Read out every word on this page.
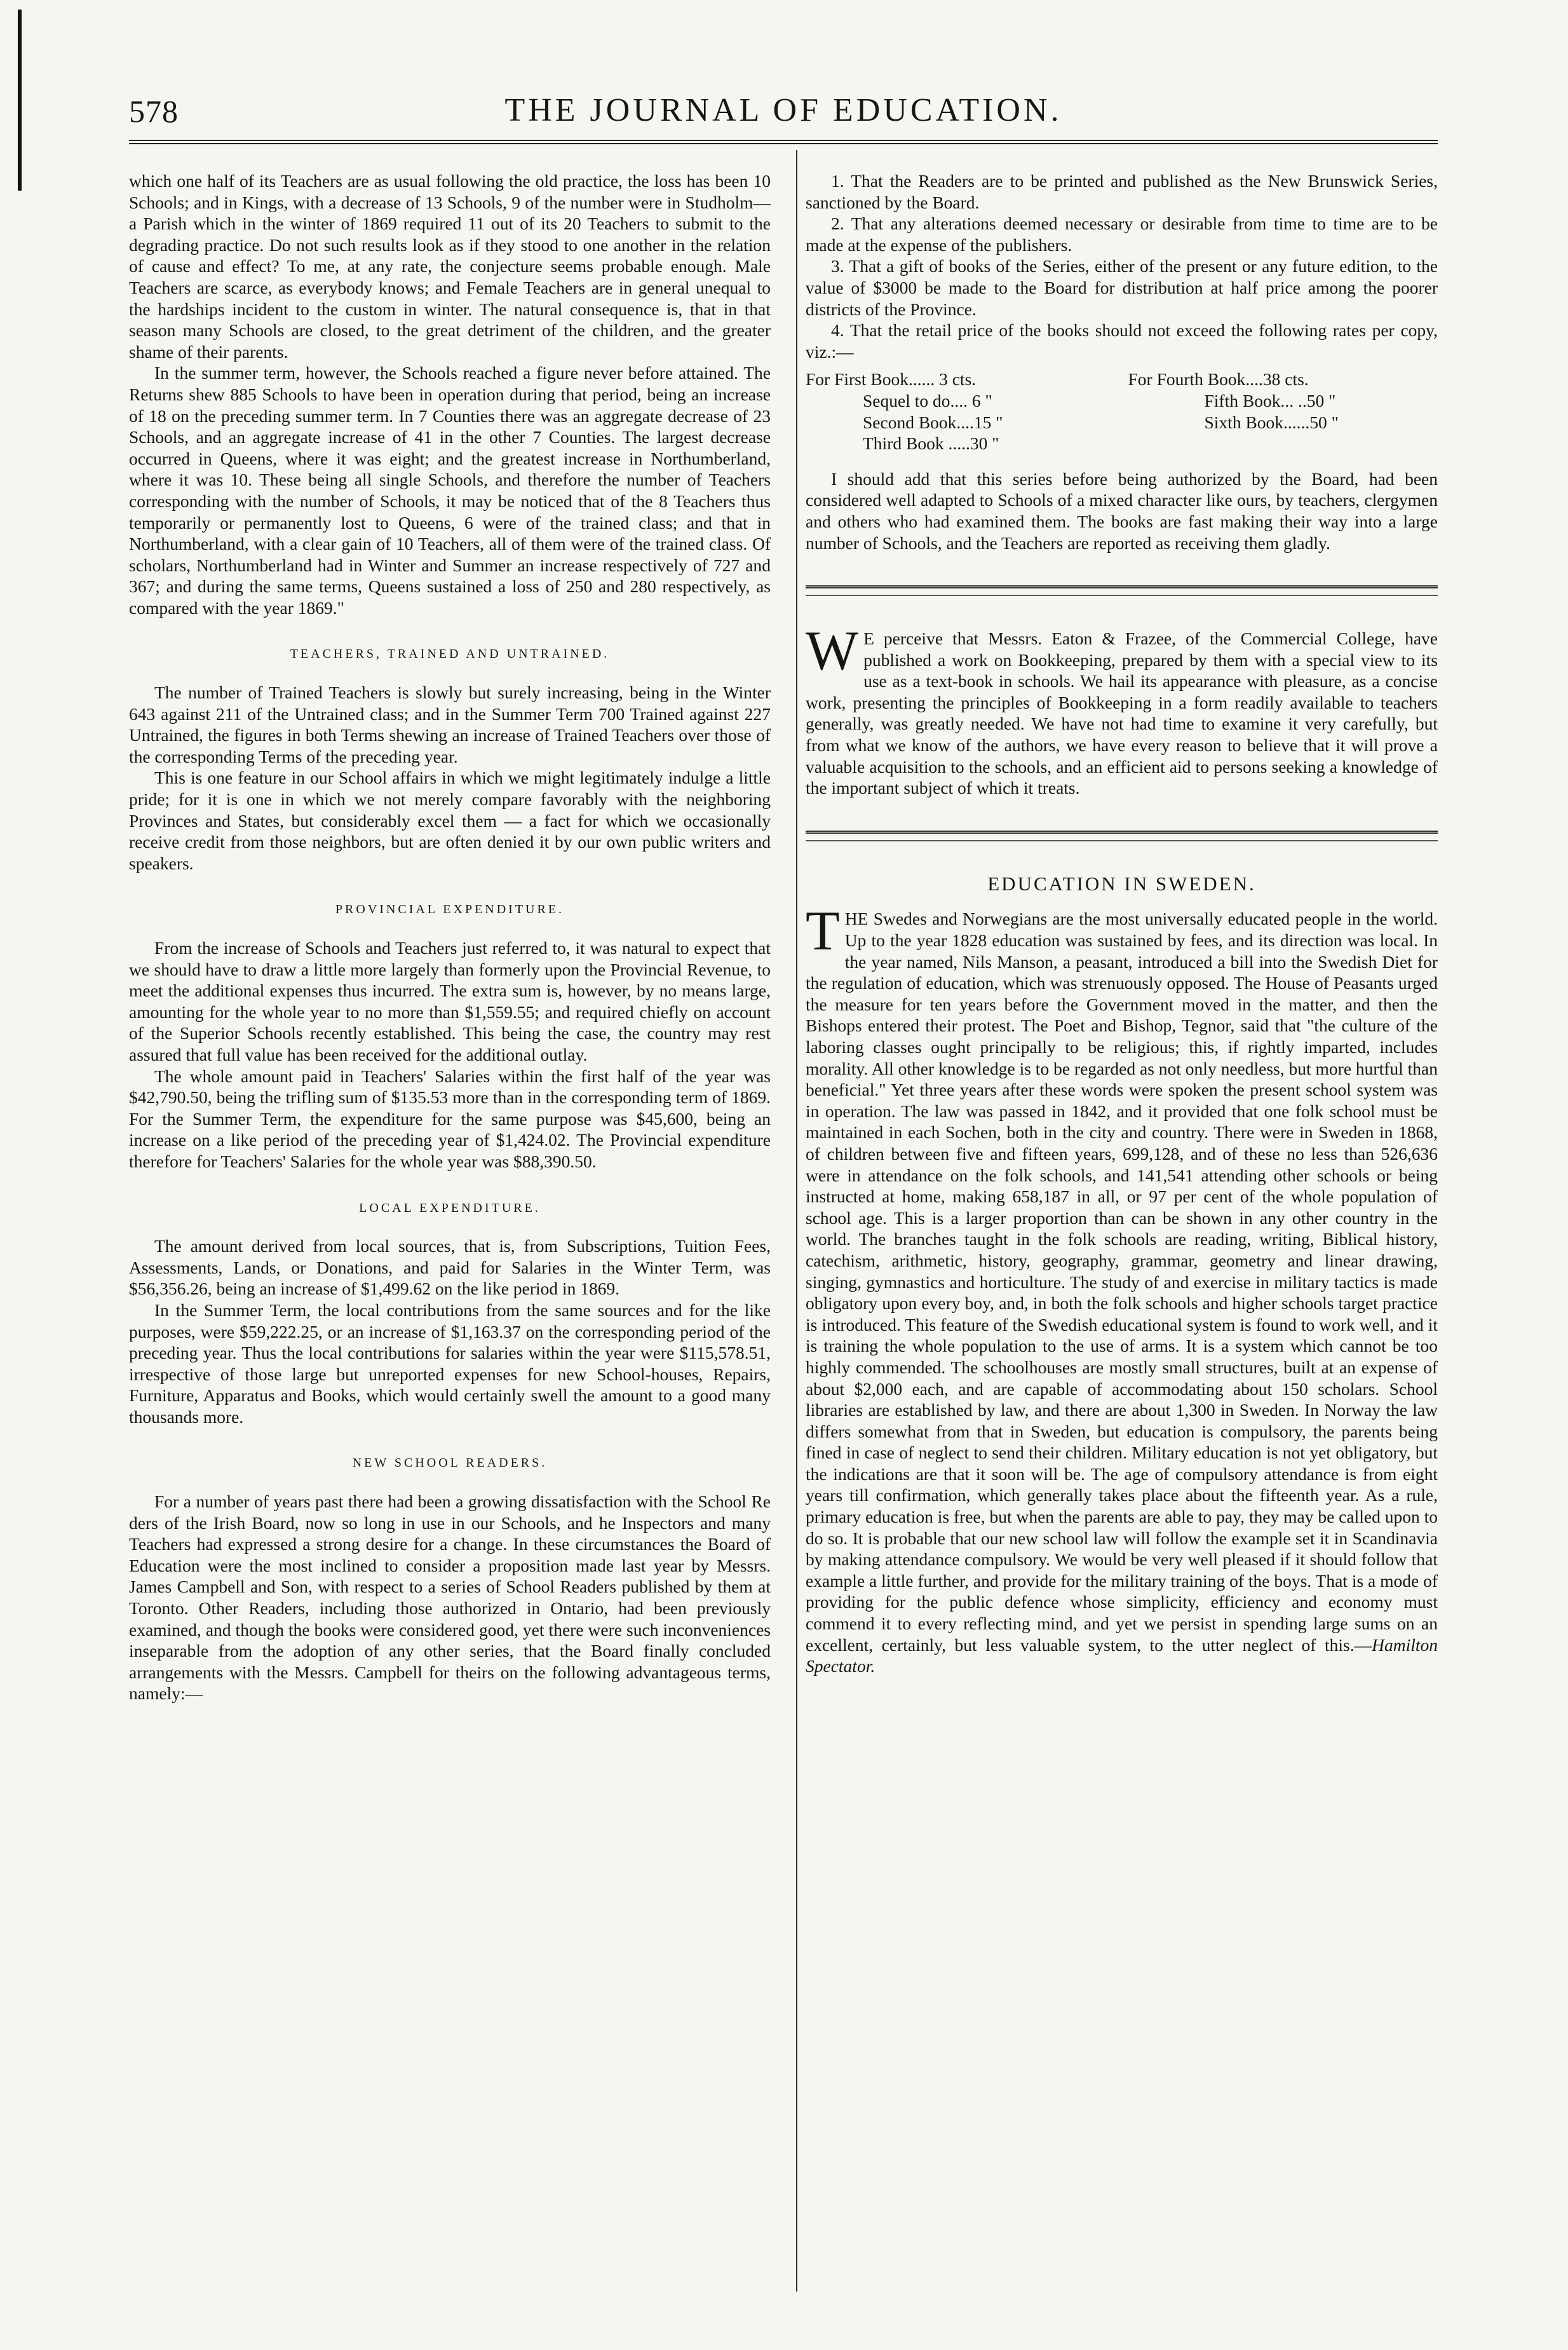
578	THE JOURNAL OF EDUCATION.

which one half of its Teachers are as usual following the old practice, the loss has been 10 Schools; and in Kings, with a decrease of 13 Schools, 9 of the number were in Studholm—a Parish which in the winter of 1869 required 11 out of its 20 Teachers to submit to the degrading practice. Do not such results look as if they stood to one another in the relation of cause and effect? To me, at any rate, the conjecture seems probable enough. Male Teachers are scarce, as everybody knows; and Female Teachers are in general unequal to the hardships incident to the custom in winter. The natural consequence is, that in that season many Schools are closed, to the great detriment of the children, and the greater shame of their parents.

In the summer term, however, the Schools reached a figure never before attained. The Returns shew 885 Schools to have been in operation during that period, being an increase of 18 on the preceding summer term. In 7 Counties there was an aggregate decrease of 23 Schools, and an aggregate increase of 41 in the other 7 Counties. The largest decrease occurred in Queens, where it was eight; and the greatest increase in Northumberland, where it was 10. These being all single Schools, and therefore the number of Teachers corresponding with the number of Schools, it may be noticed that of the 8 Teachers thus temporarily or permanently lost to Queens, 6 were of the trained class; and that in Northumberland, with a clear gain of 10 Teachers, all of them were of the trained class. Of scholars, Northumberland had in Winter and Summer an increase respectively of 727 and 367; and during the same terms, Queens sustained a loss of 250 and 280 respectively, as compared with the year 1869."

TEACHERS, TRAINED AND UNTRAINED.

The number of Trained Teachers is slowly but surely increasing, being in the Winter 643 against 211 of the Untrained class; and in the Summer Term 700 Trained against 227 Untrained, the figures in both Terms shewing an increase of Trained Teachers over those of the corresponding Terms of the preceding year.

This is one feature in our School affairs in which we might legitimately indulge a little pride; for it is one in which we not merely compare favorably with the neighboring Provinces and States, but considerably excel them — a fact for which we occasionally receive credit from those neighbors, but are often denied it by our own public writers and speakers.

PROVINCIAL EXPENDITURE.

From the increase of Schools and Teachers just referred to, it was natural to expect that we should have to draw a little more largely than formerly upon the Provincial Revenue, to meet the additional expenses thus incurred. The extra sum is, however, by no means large, amounting for the whole year to no more than $1,559.55; and required chiefly on account of the Superior Schools recently established. This being the case, the country may rest assured that full value has been received for the additional outlay.

The whole amount paid in Teachers' Salaries within the first half of the year was $42,790.50, being the trifling sum of $135.53 more than in the corresponding term of 1869. For the Summer Term, the expenditure for the same purpose was $45,600, being an increase on a like period of the preceding year of $1,424.02. The Provincial expenditure therefore for Teachers' Salaries for the whole year was $88,390.50.

LOCAL EXPENDITURE.

The amount derived from local sources, that is, from Subscriptions, Tuition Fees, Assessments, Lands, or Donations, and paid for Salaries in the Winter Term, was $56,356.26, being an increase of $1,499.62 on the like period in 1869.

In the Summer Term, the local contributions from the same sources and for the like purposes, were $59,222.25, or an increase of $1,163.37 on the corresponding period of the preceding year. Thus the local contributions for salaries within the year were $115,578.51, irrespective of those large but unreported expenses for new School-houses, Repairs, Furniture, Apparatus and Books, which would certainly swell the amount to a good many thousands more.

NEW SCHOOL READERS.

For a number of years past there had been a growing dissatisfaction with the School Re ders of the Irish Board, now so long in use in our Schools, and he Inspectors and many Teachers had expressed a strong desire for a change. In these circumstances the Board of Education were the most inclined to consider a proposition made last year by Messrs. James Campbell and Son, with respect to a series of School Readers published by them at Toronto. Other Readers, including those authorized in Ontario, had been previously examined, and though the books were considered good, yet there were such inconveniences inseparable from the adoption of any other series, that the Board finally concluded arrangements with the Messrs. Campbell for theirs on the following advantageous terms, namely:—

1. That the Readers are to be printed and published as the New Brunswick Series, sanctioned by the Board.

2. That any alterations deemed necessary or desirable from time to time are to be made at the expense of the publishers.

3. That a gift of books of the Series, either of the present or any future edition, to the value of $3000 be made to the Board for distribution at half price among the poorer districts of the Province.

4. That the retail price of the books should not exceed the following rates per copy, viz.:—

For First Book...... 3 cts.	For Fourth Book....38 cts.
Sequel to do.... 6 "	Fifth Book... ..50 "
Second Book....15 "	Sixth Book......50 "
Third Book .....30 "

I should add that this series before being authorized by the Board, had been considered well adapted to Schools of a mixed character like ours, by teachers, clergymen and others who had examined them. The books are fast making their way into a large number of Schools, and the Teachers are reported as receiving them gladly.

W E perceive that Messrs. Eaton & Frazee, of the Commercial College, have published a work on Bookkeeping, prepared by them with a special view to its use as a text-book in schools. We hail its appearance with pleasure, as a concise work, presenting the principles of Bookkeeping in a form readily available to teachers generally, was greatly needed. We have not had time to examine it very carefully, but from what we know of the authors, we have every reason to believe that it will prove a valuable acquisition to the schools, and an efficient aid to persons seeking a knowledge of the important subject of which it treats.

EDUCATION IN SWEDEN.

THE Swedes and Norwegians are the most universally educated people in the world. Up to the year 1828 education was sustained by fees, and its direction was local. In the year named, Nils Manson, a peasant, introduced a bill into the Swedish Diet for the regulation of education, which was strenuously opposed. The House of Peasants urged the measure for ten years before the Government moved in the matter, and then the Bishops entered their protest. The Poet and Bishop, Tegnor, said that "the culture of the laboring classes ought principally to be religious; this, if rightly imparted, includes morality. All other knowledge is to be regarded as not only needless, but more hurtful than beneficial." Yet three years after these words were spoken the present school system was in operation. The law was passed in 1842, and it provided that one folk school must be maintained in each Sochen, both in the city and country. There were in Sweden in 1868, of children between five and fifteen years, 699,128, and of these no less than 526,636 were in attendance on the folk schools, and 141,541 attending other schools or being instructed at home, making 658,187 in all, or 97 per cent of the whole population of school age. This is a larger proportion than can be shown in any other country in the world. The branches taught in the folk schools are reading, writing, Biblical history, catechism, arithmetic, history, geography, grammar, geometry and linear drawing, singing, gymnastics and horticulture. The study of and exercise in military tactics is made obligatory upon every boy, and, in both the folk schools and higher schools target practice is introduced. This feature of the Swedish educational system is found to work well, and it is training the whole population to the use of arms. It is a system which cannot be too highly commended. The schoolhouses are mostly small structures, built at an expense of about $2,000 each, and are capable of accommodating about 150 scholars. School libraries are established by law, and there are about 1,300 in Sweden. In Norway the law differs somewhat from that in Sweden, but education is compulsory, the parents being fined in case of neglect to send their children. Military education is not yet obligatory, but the indications are that it soon will be. The age of compulsory attendance is from eight years till confirmation, which generally takes place about the fifteenth year. As a rule, primary education is free, but when the parents are able to pay, they may be called upon to do so. It is probable that our new school law will follow the example set it in Scandinavia by making attendance compulsory. We would be very well pleased if it should follow that example a little further, and provide for the military training of the boys. That is a mode of providing for the public defence whose simplicity, efficiency and economy must commend it to every reflecting mind, and yet we persist in spending large sums on an excellent, certainly, but less valuable system, to the utter neglect of this.—Hamilton Spectator.
